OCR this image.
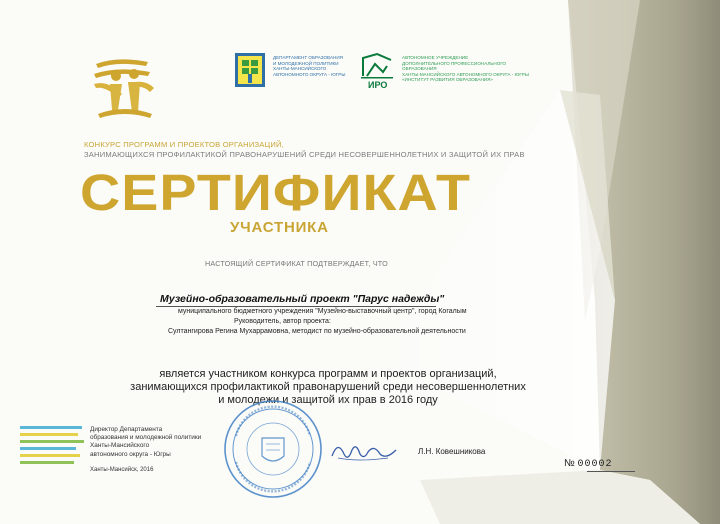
ДЕПАРТАМЕНТ ОБРАЗОВАНИЯ
И МОЛОДЕЖНОЙ ПОЛИТИКИ
ХАНТЫ-МАНСИЙСКОГО
АВТОНОМНОГО ОКРУГА - ЮГРЫ
ИРО
АВТОНОМНОЕ УЧРЕЖДЕНИЕ
ДОПОЛНИТЕЛЬНОГО ПРОФЕССИОНАЛЬНОГО ОБРАЗОВАНИЯ
ХАНТЫ-МАНСИЙСКОГО АВТОНОМНОГО ОКРУГА - ЮГРЫ
«ИНСТИТУТ РАЗВИТИЯ ОБРАЗОВАНИЯ»
КОНКУРС ПРОГРАММ И ПРОЕКТОВ ОРГАНИЗАЦИЙ,
ЗАНИМАЮЩИХСЯ ПРОФИЛАКТИКОЙ ПРАВОНАРУШЕНИЙ СРЕДИ НЕСОВЕРШЕННОЛЕТНИХ И ЗАЩИТОЙ ИХ ПРАВ
СЕРТИФИКАТ
УЧАСТНИКА
НАСТОЯЩИЙ СЕРТИФИКАТ ПОДТВЕРЖДАЕТ, ЧТО
Музейно-образовательный проект "Парус надежды"
муниципального бюджетного учреждения "Музейно-выставочный центр", город Когалым
Руководитель, автор проекта:
Султангирова Регина Мухаррамовна, методист по музейно-образовательной деятельности
является участником конкурса программ и проектов организаций,
занимающихся профилактикой правонарушений среди несовершеннолетних
и молодежи и защитой их прав в 2016 году
Директор Департамента
образования и молодежной политики
Ханты-Мансийского
автономного округа - Югры
Ханты-Мансийск, 2016
Л.Н. Ковешникова
№ 00002
